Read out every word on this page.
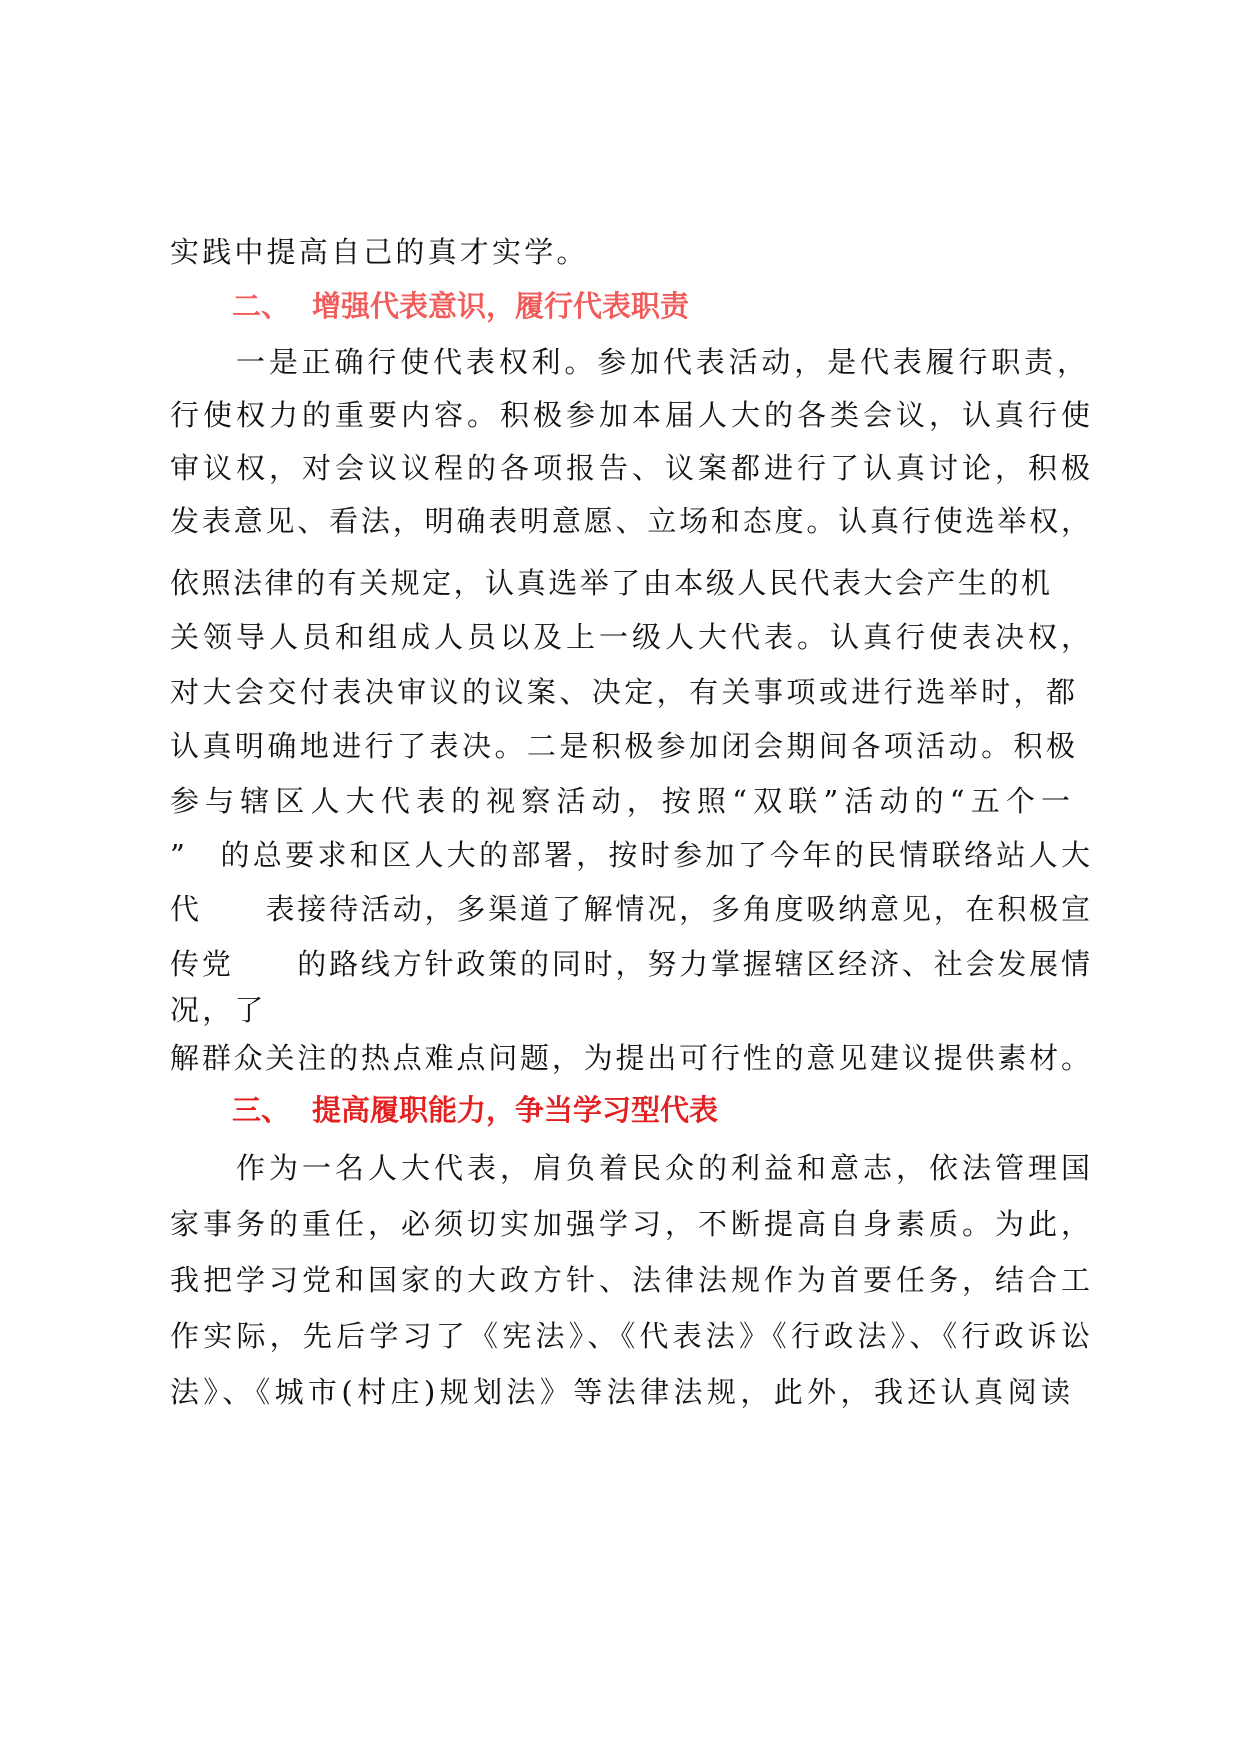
实践中提高自己的真才实学。

二、 增强代表意识，履行代表职责

一是正确行使代表权利。参加代表活动，是代表履行职责，

行使权力的重要内容。积极参加本届人大的各类会议，认真行使

审议权，对会议议程的各项报告、议案都进行了认真讨论，积极

发表意见、看法，明确表明意愿、立场和态度。认真行使选举权，

依照法律的有关规定，认真选举了由本级人民代表大会产生的机

关领导人员和组成人员以及上一级人大代表。认真行使表决权，

对大会交付表决审议的议案、决定，有关事项或进行选举时，都

认真明确地进行了表决。二是积极参加闭会期间各项活动。积极

参与辖区人大代表的视察活动，按照“双联”活动的“五个一

”　的总要求和区人大的部署，按时参加了今年的民情联络站人大

代　　表接待活动，多渠道了解情况，多角度吸纳意见，在积极宣

传党　　的路线方针政策的同时，努力掌握辖区经济、社会发展情

况，了

解群众关注的热点难点问题，为提出可行性的意见建议提供素材。

三、 提高履职能力，争当学习型代表

作为一名人大代表，肩负着民众的利益和意志，依法管理国

家事务的重任，必须切实加强学习，不断提高自身素质。为此，

我把学习党和国家的大政方针、法律法规作为首要任务，结合工

作实际，先后学习了《宪法》、《代表法》《行政法》、《行政诉讼

法》、《城市(村庄)规划法》等法律法规，此外，我还认真阅读
